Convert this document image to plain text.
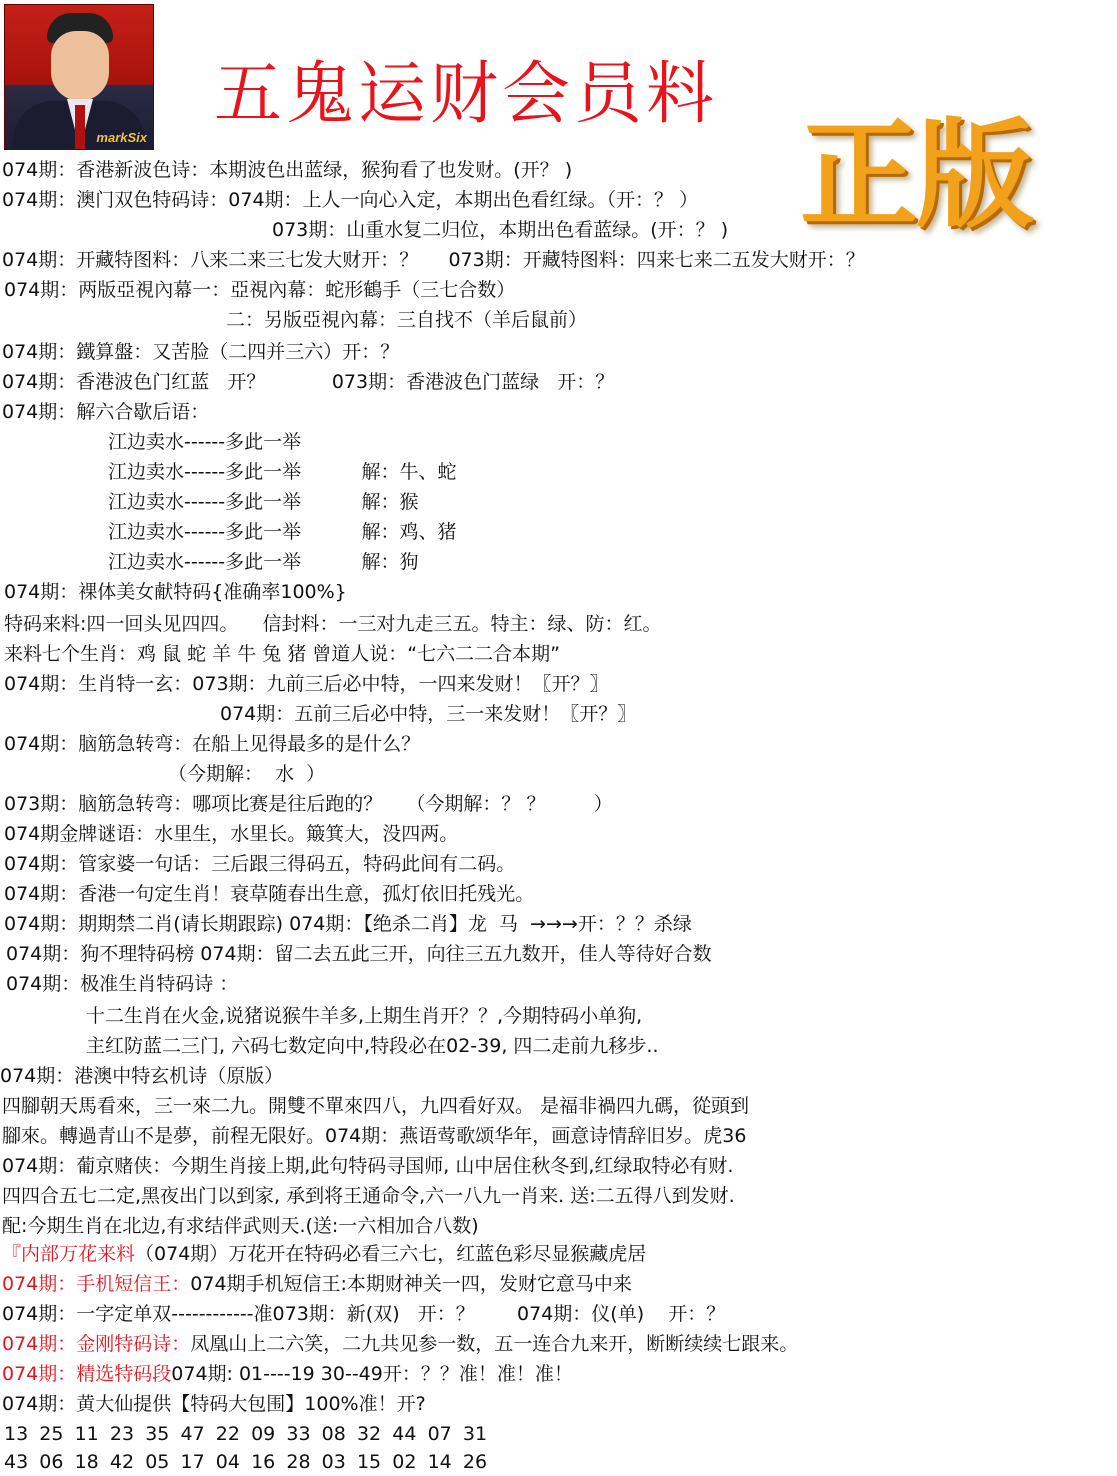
markSix
五鬼运财会员料
正版
074期：香港新波色诗：本期波色出蓝绿，猴狗看了也发财。(开？ )
074期：澳门双色特码诗：074期：上人一向心入定，本期出色看红绿。（开：？ ）
073期：山重水复二归位，本期出色看蓝绿。(开：？ )
074期：开藏特图料：八来二来三七发大财开：？     073期：开藏特图料：四来七来二五发大财开：？
074期：两版亞視內幕一：亞視內幕：蛇形鶴手（三七合数）
二：另版亞視內幕：三自找不（羊后鼠前）
074期：鐵算盤：又苦脸（二四并三六）开：？
074期：香港波色门红蓝   开？           073期：香港波色门蓝绿   开：？
074期：解六合歇后语：
江边卖水------多此一举
江边卖水------多此一举          解：牛、蛇
江边卖水------多此一举          解：猴
江边卖水------多此一举          解：鸡、猪
江边卖水------多此一举          解：狗
074期：裸体美女献特码{准确率100%}
特码来料:四一回头见四四。    信封料：一三对九走三五。特主：绿、防：红。
来料七个生肖：鸡 鼠 蛇 羊 牛 兔 猪 曾道人说：“七六二二合本期”
074期：生肖特一玄：073期：九前三后必中特，一四来发财！〖开？〗
074期：五前三后必中特，三一来发财！〖开？〗
074期：脑筋急转弯：在船上见得最多的是什么？
（今期解：  水  ）
073期：脑筋急转弯：哪项比赛是往后跑的？    （今期解：？ ？        ）
074期金牌谜语：水里生，水里长。簸箕大，没四两。
074期：管家婆一句话：三后跟三得码五，特码此间有二码。
074期：香港一句定生肖！衰草随春出生意，孤灯依旧托残光。
074期：期期禁二肖(请长期跟踪) 074期：【绝杀二肖】龙  马  →→→开：？？杀绿
074期：狗不理特码榜 074期：留二去五此三开，向往三五九数开，佳人等待好合数
074期：极准生肖特码诗 ：
十二生肖在火金,说猪说猴牛羊多,上期生肖开？？,今期特码小单狗,
主红防蓝二三门, 六码七数定向中,特段必在02-39, 四二走前九移步..
074期：港澳中特玄机诗（原版）
四腳朝天馬看來，三一來二九。開雙不單來四八，九四看好双。 是福非禍四九碼，從頭到
腳來。轉過青山不是夢，前程无限好。074期：燕语莺歌颂华年，画意诗情辞旧岁。虎36
074期：葡京赌侠：今期生肖接上期,此句特码寻国师, 山中居住秋冬到,红绿取特必有财.
四四合五七二定,黑夜出门以到家, 承到将王通命令,六一八九一肖来. 送:二五得八到发财.
配:今期生肖在北边,有求结伴武则天.(送:一六相加合八数)
『内部万花来料（074期）万花开在特码必看三六七，红蓝色彩尽显猴藏虎居
074期：手机短信王：074期手机短信王:本期财神关一四，发财它意马中来
074期：一字定单双------------准073期：新(双)   开：？       074期：仪(单)    开：？
074期：金刚特码诗：凤凰山上二六笑，二九共见参一数，五一连合九来开，断断续续七跟来。
074期：精选特码段074期: 01----19 30--49开：？？准！准！准！
074期：黄大仙提供【特码大包围】100%准！开?
13 25 11 23 35 47 22 09 33 08 32 44 07 31
43 06 18 42 05 17 04 16 28 03 15 02 14 26
